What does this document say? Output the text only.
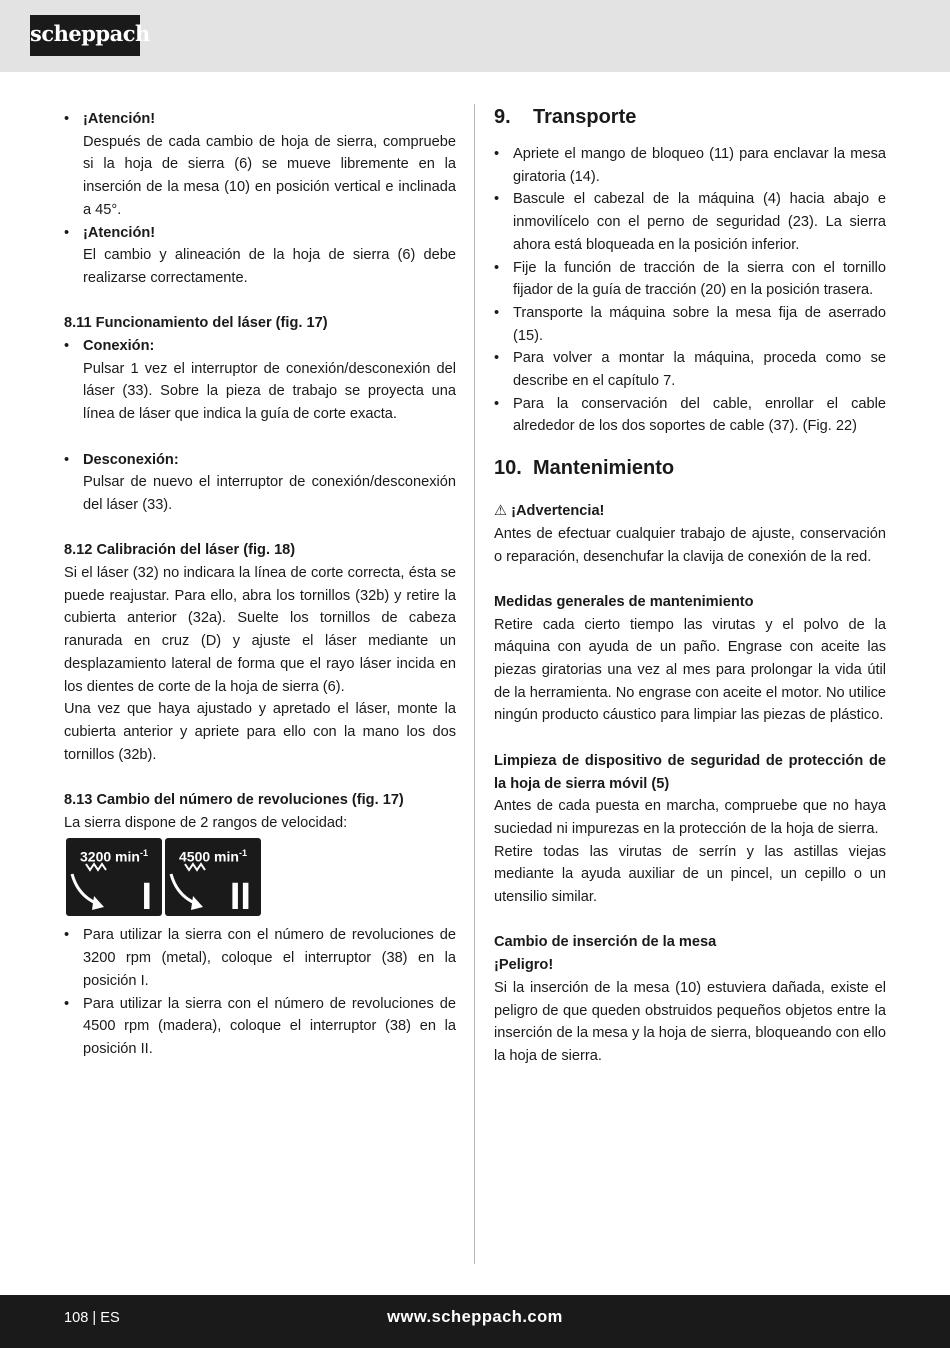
scheppach
• ¡Atención!

Después de cada cambio de hoja de sierra, compruebe si la hoja de sierra (6) se mueve libremente en la inserción de la mesa (10) en posición vertical e inclinada a 45°.

• ¡Atención!

El cambio y alineación de la hoja de sierra (6) debe realizarse correctamente.

8.11 Funcionamiento del láser (fig. 17)

• Conexión:

Pulsar 1 vez el interruptor de conexión/desconexión del láser (33). Sobre la pieza de trabajo se proyecta una línea de láser que indica la guía de corte exacta.

• Desconexión:

Pulsar de nuevo el interruptor de conexión/desconexión del láser (33).

8.12 Calibración del láser (fig. 18)

Si el láser (32) no indicara la línea de corte correcta, ésta se puede reajustar. Para ello, abra los tornillos (32b) y retire la cubierta anterior (32a). Suelte los tornillos de cabeza ranurada en cruz (D) y ajuste el láser mediante un desplazamiento lateral de forma que el rayo láser incida en los dientes de corte de la hoja de sierra (6).

Una vez que haya ajustado y apretado el láser, monte la cubierta anterior y apriete para ello con la mano los dos tornillos (32b).

8.13 Cambio del número de revoluciones (fig. 17)

La sierra dispone de 2 rangos de velocidad:

3200 $\min^{-1}$
I
4500 $\min^{-1}$
II
• Para utilizar la sierra con el número de revoluciones de 3200 rpm (metal), coloque el interruptor (38) en la posición I.

• Para utilizar la sierra con el número de revoluciones de 4500 rpm (madera), coloque el interruptor (38) en la posición II.

9. Transporte

• Apriete el mango de bloqueo (11) para enclavar la mesa giratoria (14).

• Bascule el cabezal de la máquina (4) hacia abajo e inmovilícelo con el perno de seguridad (23). La sierra ahora está bloqueada en la posición inferior.

• Fije la función de tracción de la sierra con el tornillo fijador de la guía de tracción (20) en la posición trasera.

• Transporte la máquina sobre la mesa fija de aserrado (15).

• Para volver a montar la máquina, proceda como se describe en el capítulo 7.

• Para la conservación del cable, enrollar el cable alrededor de los dos soportes de cable (37). (Fig. 22)

10. Mantenimiento

⚠ ¡Advertencia!

Antes de efectuar cualquier trabajo de ajuste, conservación o reparación, desenchufar la clavija de conexión de la red.

Medidas generales de mantenimiento

Retire cada cierto tiempo las virutas y el polvo de la máquina con ayuda de un paño. Engrase con aceite las piezas giratorias una vez al mes para prolongar la vida útil de la herramienta. No engrase con aceite el motor. No utilice ningún producto cáustico para limpiar las piezas de plástico.

Limpieza de dispositivo de seguridad de protección de la hoja de sierra móvil (5)

Antes de cada puesta en marcha, compruebe que no haya suciedad ni impurezas en la protección de la hoja de sierra.

Retire todas las virutas de serrín y las astillas viejas mediante la ayuda auxiliar de un pincel, un cepillo o un utensilio similar.

Cambio de inserción de la mesa

¡Peligro!

Si la inserción de la mesa (10) estuviera dañada, existe el peligro de que queden obstruidos pequeños objetos entre la inserción de la mesa y la hoja de sierra, bloqueando con ello la hoja de sierra.

108 | ES	www.scheppach.com
